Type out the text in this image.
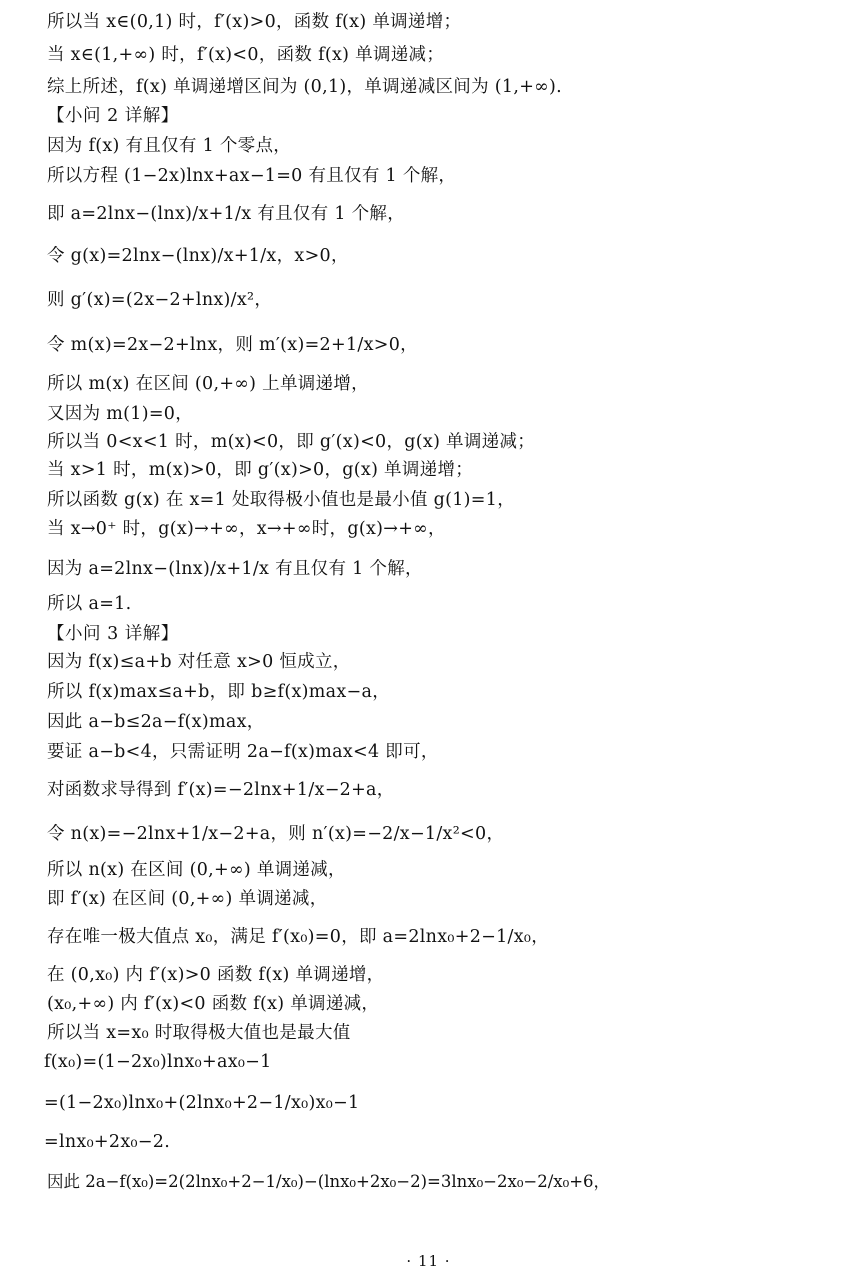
所以当 x∈(0,1) 时，f′(x)>0，函数 f(x) 单调递增；
当 x∈(1,+∞) 时，f′(x)<0，函数 f(x) 单调递减；
综上所述，f(x) 单调递增区间为 (0,1)，单调递减区间为 (1,+∞).
【小问 2 详解】
因为 f(x) 有且仅有 1 个零点，
所以方程 (1−2x)lnx+ax−1=0 有且仅有 1 个解，
即 a=2lnx−(lnx)/x+1/x 有且仅有 1 个解，
令 g(x)=2lnx−(lnx)/x+1/x，x>0，
则 g′(x)=(2x−2+lnx)/x²，
令 m(x)=2x−2+lnx，则 m′(x)=2+1/x>0，
所以 m(x) 在区间 (0,+∞) 上单调递增，
又因为 m(1)=0，
所以当 0<x<1 时，m(x)<0，即 g′(x)<0，g(x) 单调递减；
当 x>1 时，m(x)>0，即 g′(x)>0，g(x) 单调递增；
所以函数 g(x) 在 x=1 处取得极小值也是最小值 g(1)=1，
当 x→0⁺ 时，g(x)→+∞，x→+∞时，g(x)→+∞，
因为 a=2lnx−(lnx)/x+1/x 有且仅有 1 个解，
所以 a=1.
【小问 3 详解】
因为 f(x)≤a+b 对任意 x>0 恒成立，
所以 f(x)max≤a+b，即 b≥f(x)max−a，
因此 a−b≤2a−f(x)max，
要证 a−b<4，只需证明 2a−f(x)max<4 即可，
对函数求导得到 f′(x)=−2lnx+1/x−2+a，
令 n(x)=−2lnx+1/x−2+a，则 n′(x)=−2/x−1/x²<0，
所以 n(x) 在区间 (0,+∞) 单调递减，
即 f′(x) 在区间 (0,+∞) 单调递减，
存在唯一极大值点 x₀，满足 f′(x₀)=0，即 a=2lnx₀+2−1/x₀，
在 (0,x₀) 内 f′(x)>0 函数 f(x) 单调递增，
(x₀,+∞) 内 f′(x)<0 函数 f(x) 单调递减，
所以当 x=x₀ 时取得极大值也是最大值
f(x₀)=(1−2x₀)lnx₀+ax₀−1
=(1−2x₀)lnx₀+(2lnx₀+2−1/x₀)x₀−1
=lnx₀+2x₀−2.
因此 2a−f(x₀)=2(2lnx₀+2−1/x₀)−(lnx₀+2x₀−2)=3lnx₀−2x₀−2/x₀+6，
· 11 ·
